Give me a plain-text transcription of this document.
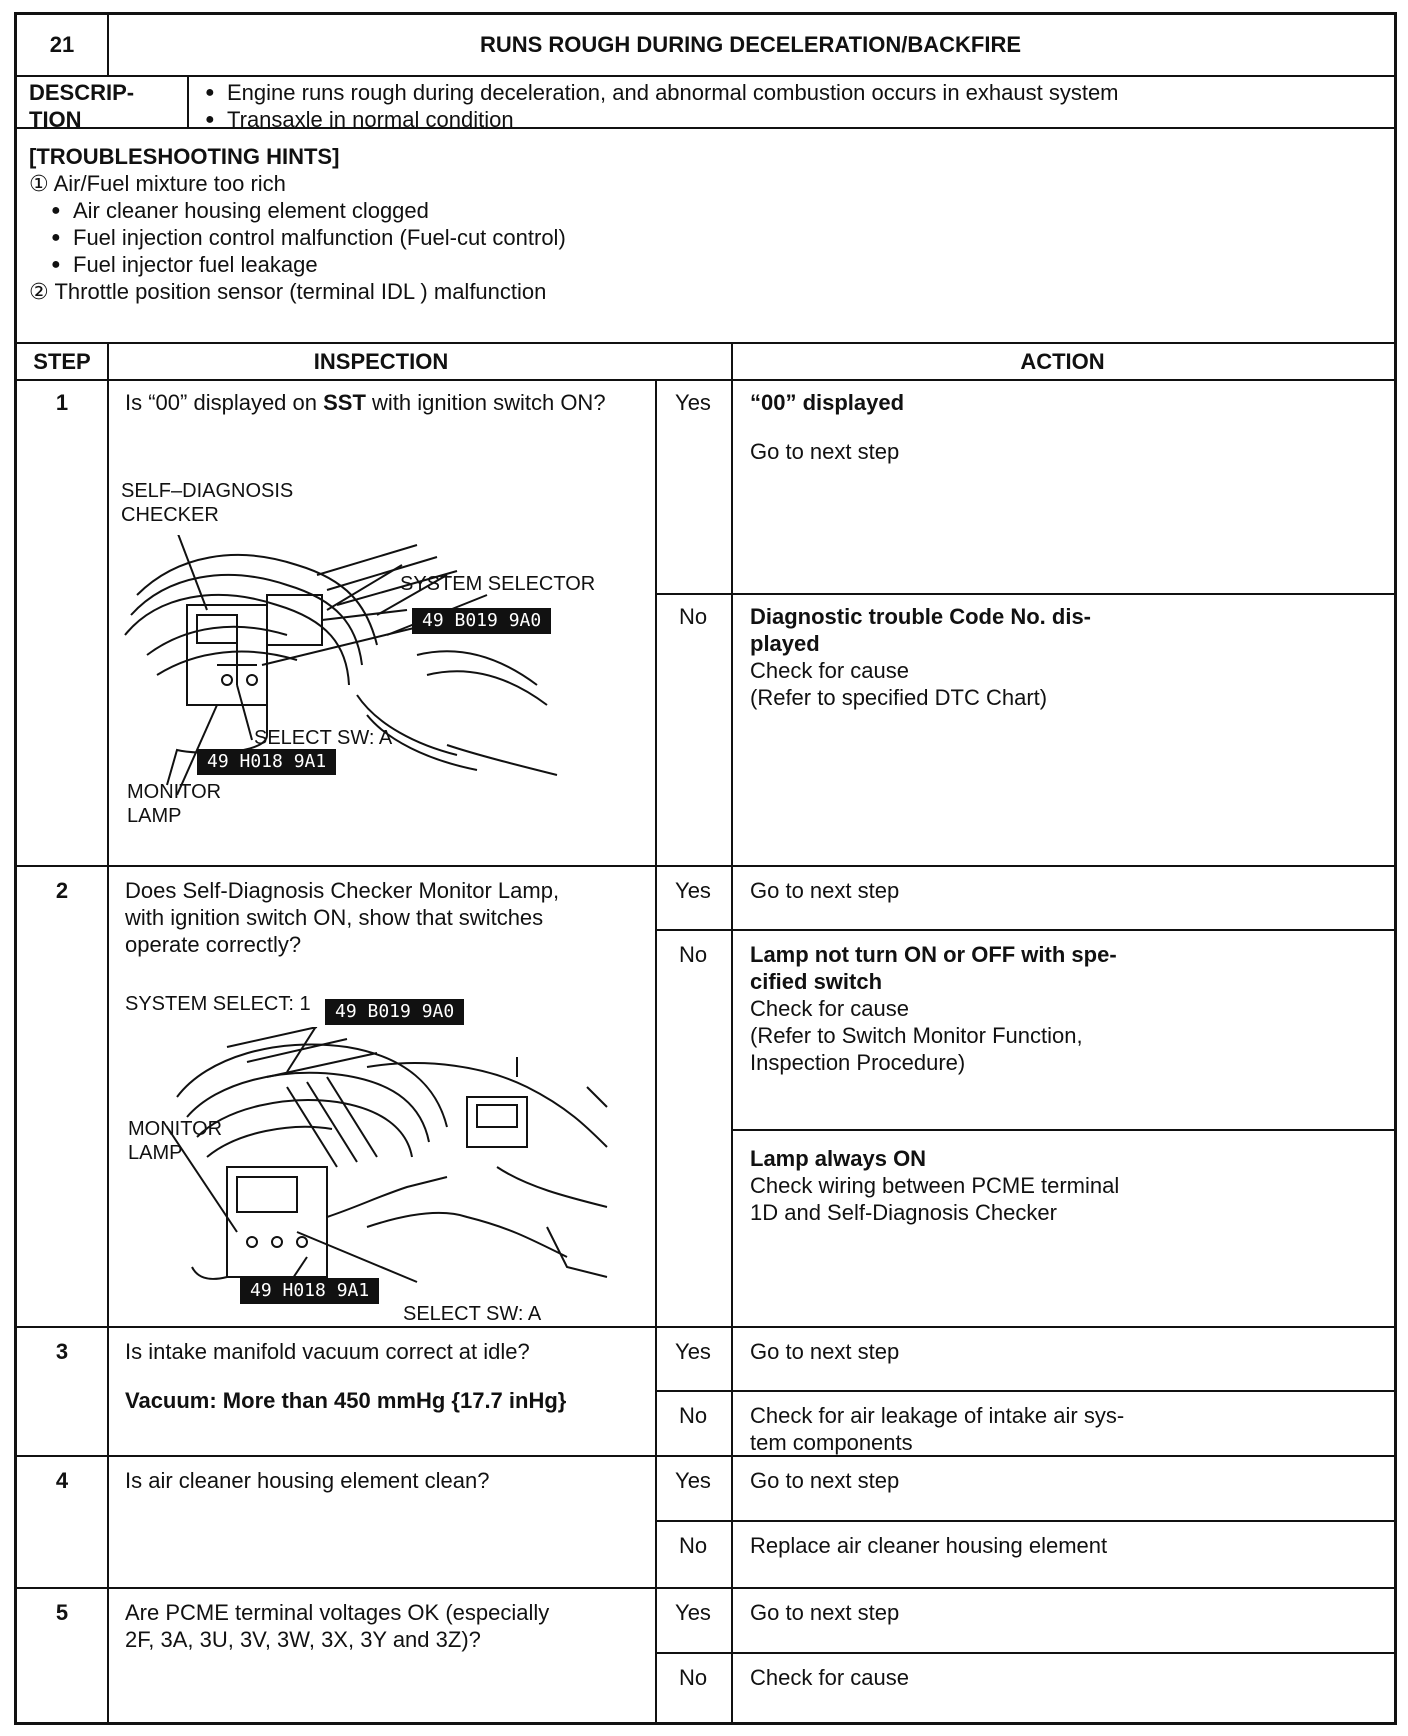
21	RUNS ROUGH DURING DECELERATION/BACKFIRE
DESCRIP-
TION
● Engine runs rough during deceleration, and abnormal combustion occurs in exhaust system
● Transaxle in normal condition
[TROUBLESHOOTING HINTS]
① Air/Fuel mixture too rich
● Air cleaner housing element clogged
● Fuel injection control malfunction (Fuel-cut control)
● Fuel injector fuel leakage
② Throttle position sensor (terminal IDL ) malfunction
STEP	INSPECTION	ACTION
1	Is “00” displayed on SST with ignition switch ON?
SELF–DIAGNOSIS
CHECKER
SYSTEM SELECTOR
49 B019 9A0
SELECT SW: A
49 H018 9A1
MONITOR
LAMP
Yes	“00” displayed
Go to next step
No	Diagnostic trouble Code No. dis-
played
Check for cause
(Refer to specified DTC Chart)
2	Does Self-Diagnosis Checker Monitor Lamp,
with ignition switch ON, show that switches
operate correctly?
SYSTEM SELECT: 1	49 B019 9A0
MONITOR
LAMP
49 H018 9A1
SELECT SW: A
Yes	Go to next step
No	Lamp not turn ON or OFF with spe-
cified switch
Check for cause
(Refer to Switch Monitor Function,
Inspection Procedure)
Lamp always ON
Check wiring between PCME terminal
1D and Self-Diagnosis Checker
3	Is intake manifold vacuum correct at idle?
Vacuum: More than 450 mmHg {17.7 inHg}
Yes	Go to next step
No	Check for air leakage of intake air sys-
tem components
4	Is air cleaner housing element clean?	Yes	Go to next step
No	Replace air cleaner housing element
5	Are PCME terminal voltages OK (especially
2F, 3A, 3U, 3V, 3W, 3X, 3Y and 3Z)?
Yes	Go to next step
No	Check for cause
